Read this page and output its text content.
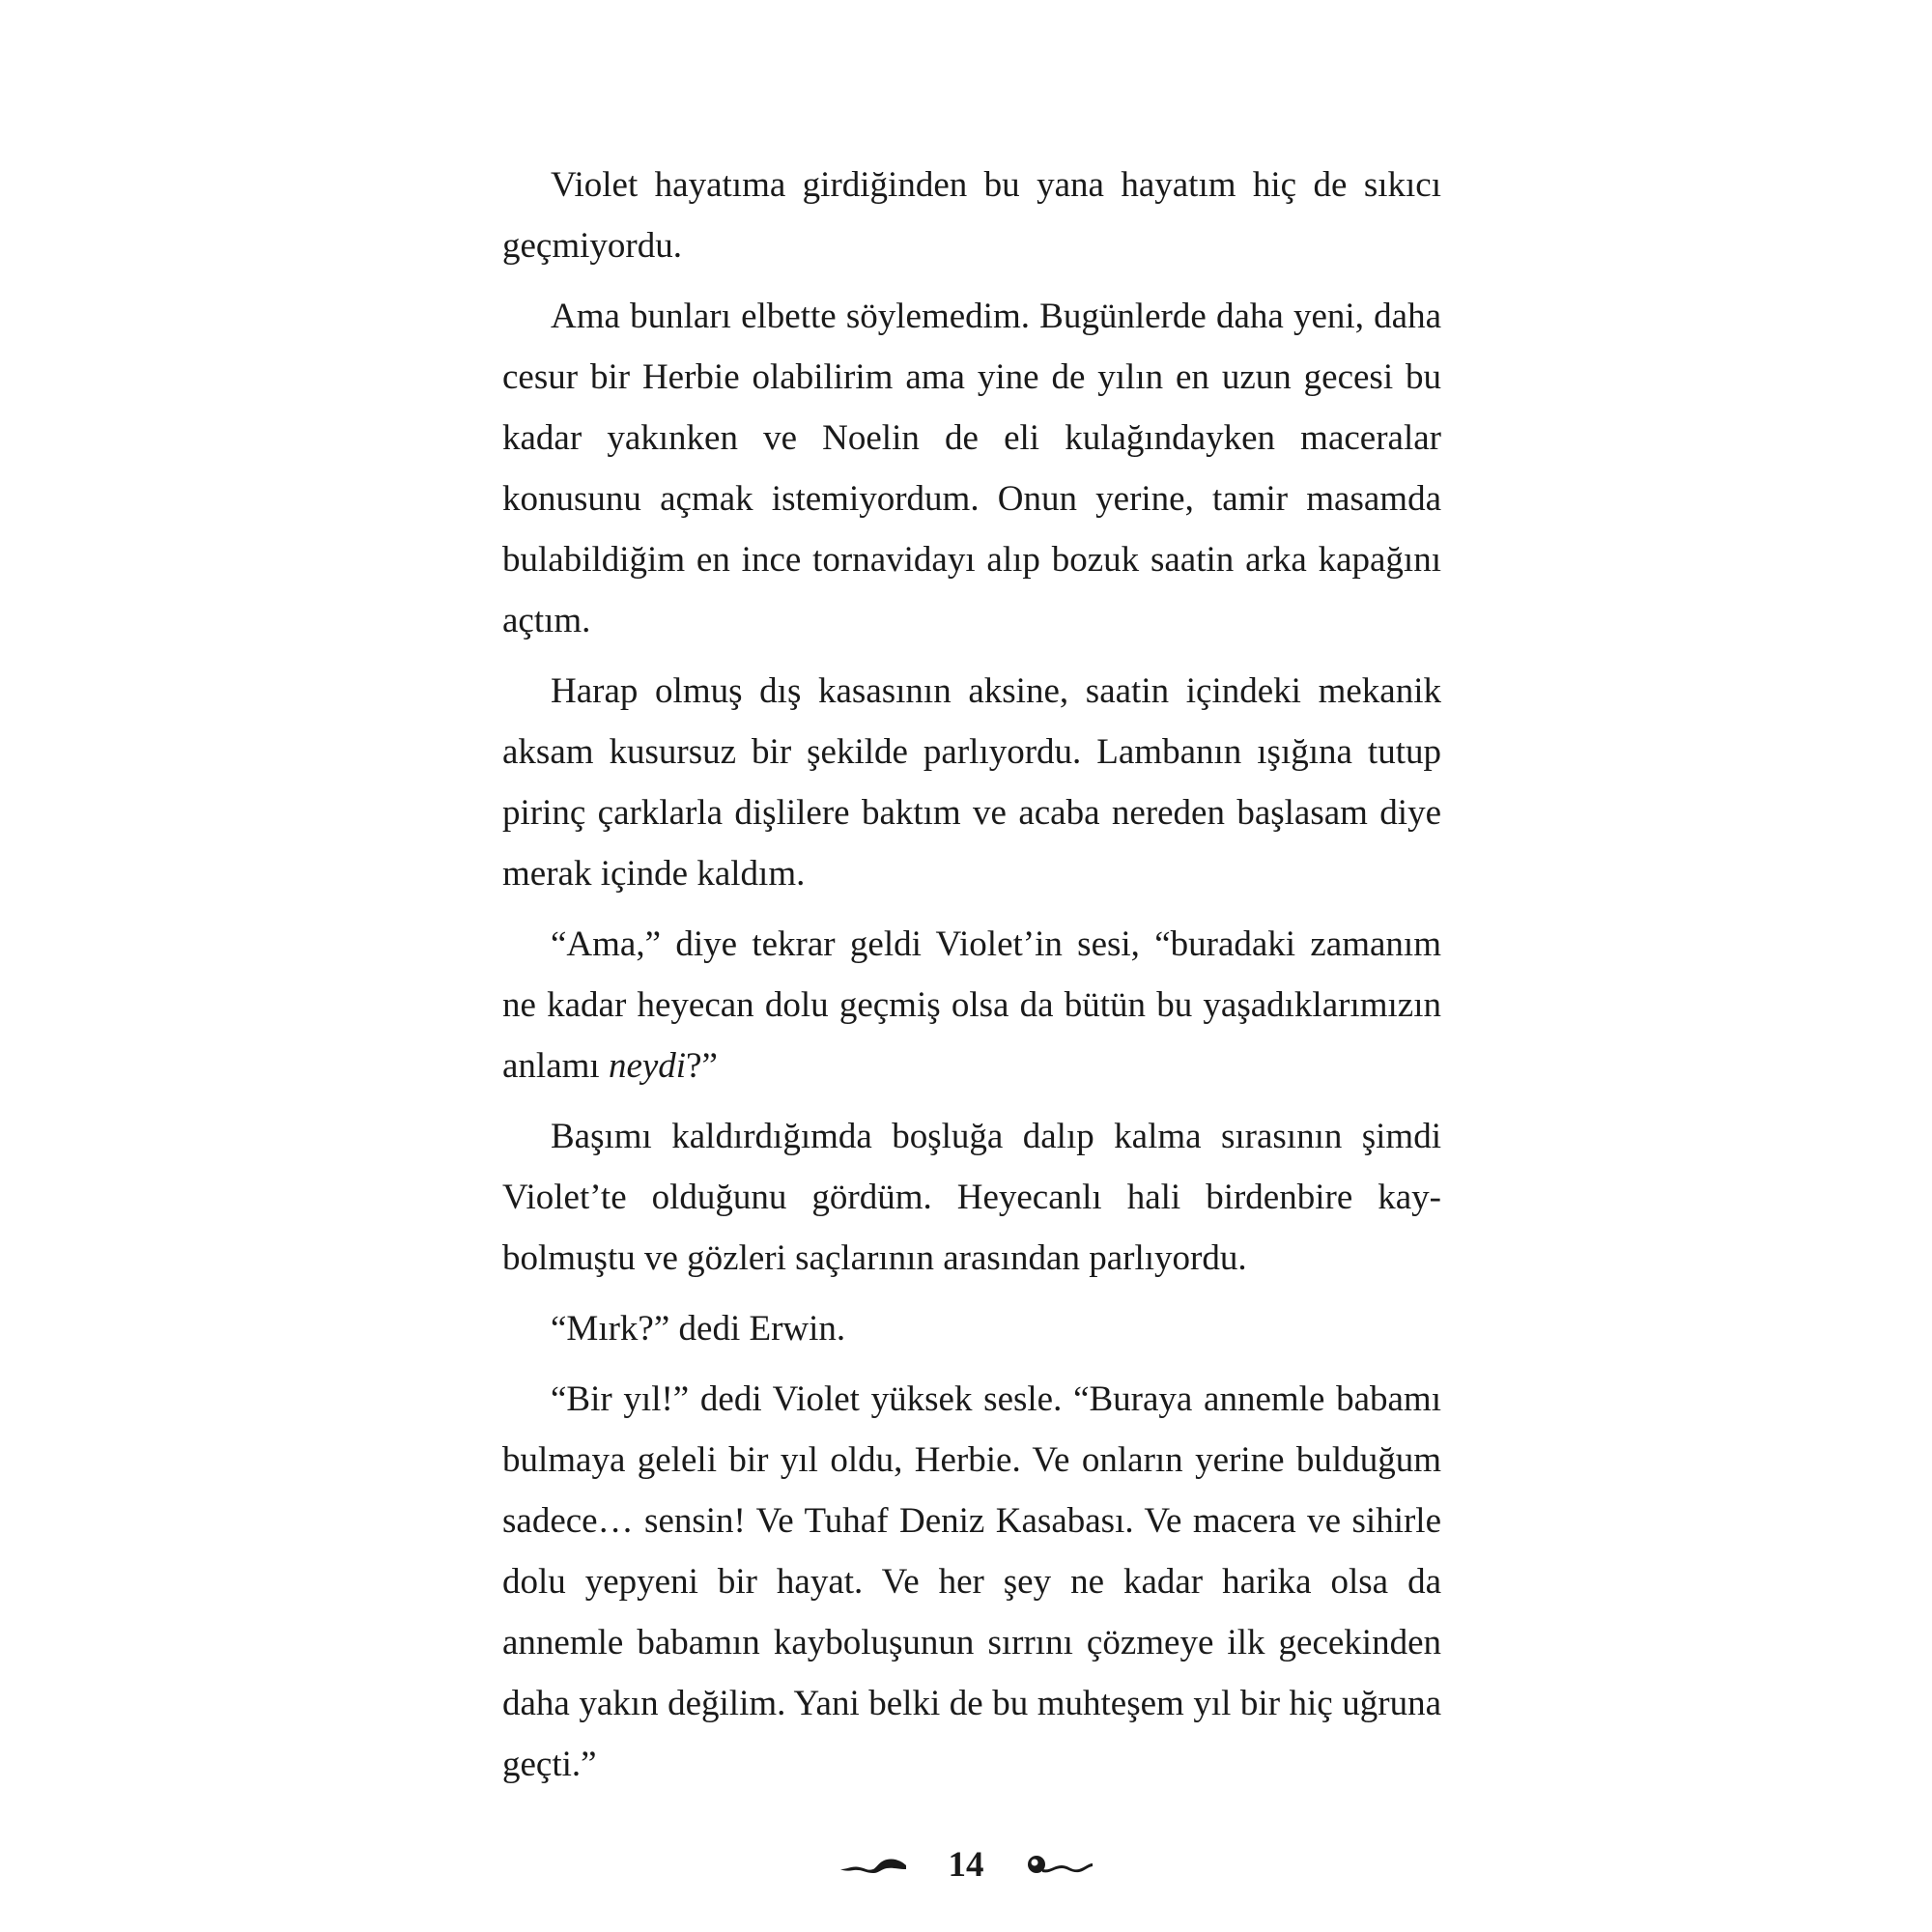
Violet hayatıma girdiğinden bu yana hayatım hiç de sıkıcı geçmiyordu.

Ama bunları elbette söylemedim. Bugünlerde daha yeni, daha cesur bir Herbie olabilirim ama yine de yılın en uzun gecesi bu kadar yakınken ve Noelin de eli kulağındayken maceralar konusunu açmak istemiyordum. Onun yerine, tamir masamda bulabildiğim en ince tornavidayı alıp bozuk saatin arka kapağını açtım.

Harap olmuş dış kasasının aksine, saatin içindeki mekanik aksam kusursuz bir şekilde parlıyordu. Lambanın ışığına tutup pirinç çarklarla dişlilere baktım ve acaba nereden başlasam diye merak içinde kaldım.

“Ama,” diye tekrar geldi Violet’in sesi, “buradaki zamanım ne kadar heyecan dolu geçmiş olsa da bütün bu yaşadıklarımızın anlamı neydi?”

Başımı kaldırdığımda boşluğa dalıp kalma sırasının şimdi Violet’te olduğunu gördüm. Heyecanlı hali birdenbire kaybolmuştu ve gözleri saçlarının arasından parlıyordu.

“Mırk?” dedi Erwin.

“Bir yıl!” dedi Violet yüksek sesle. “Buraya annemle babamı bulmaya geleli bir yıl oldu, Herbie. Ve onların yerine bulduğum sadece… sensin! Ve Tuhaf Deniz Kasabası. Ve macera ve sihirle dolu yepyeni bir hayat. Ve her şey ne kadar harika olsa da annemle babamın kayboluşunun sırrını çözmeye ilk gecekinden daha yakın değilim. Yani belki de bu muhteşem yıl bir hiç uğruna geçti.”

14
